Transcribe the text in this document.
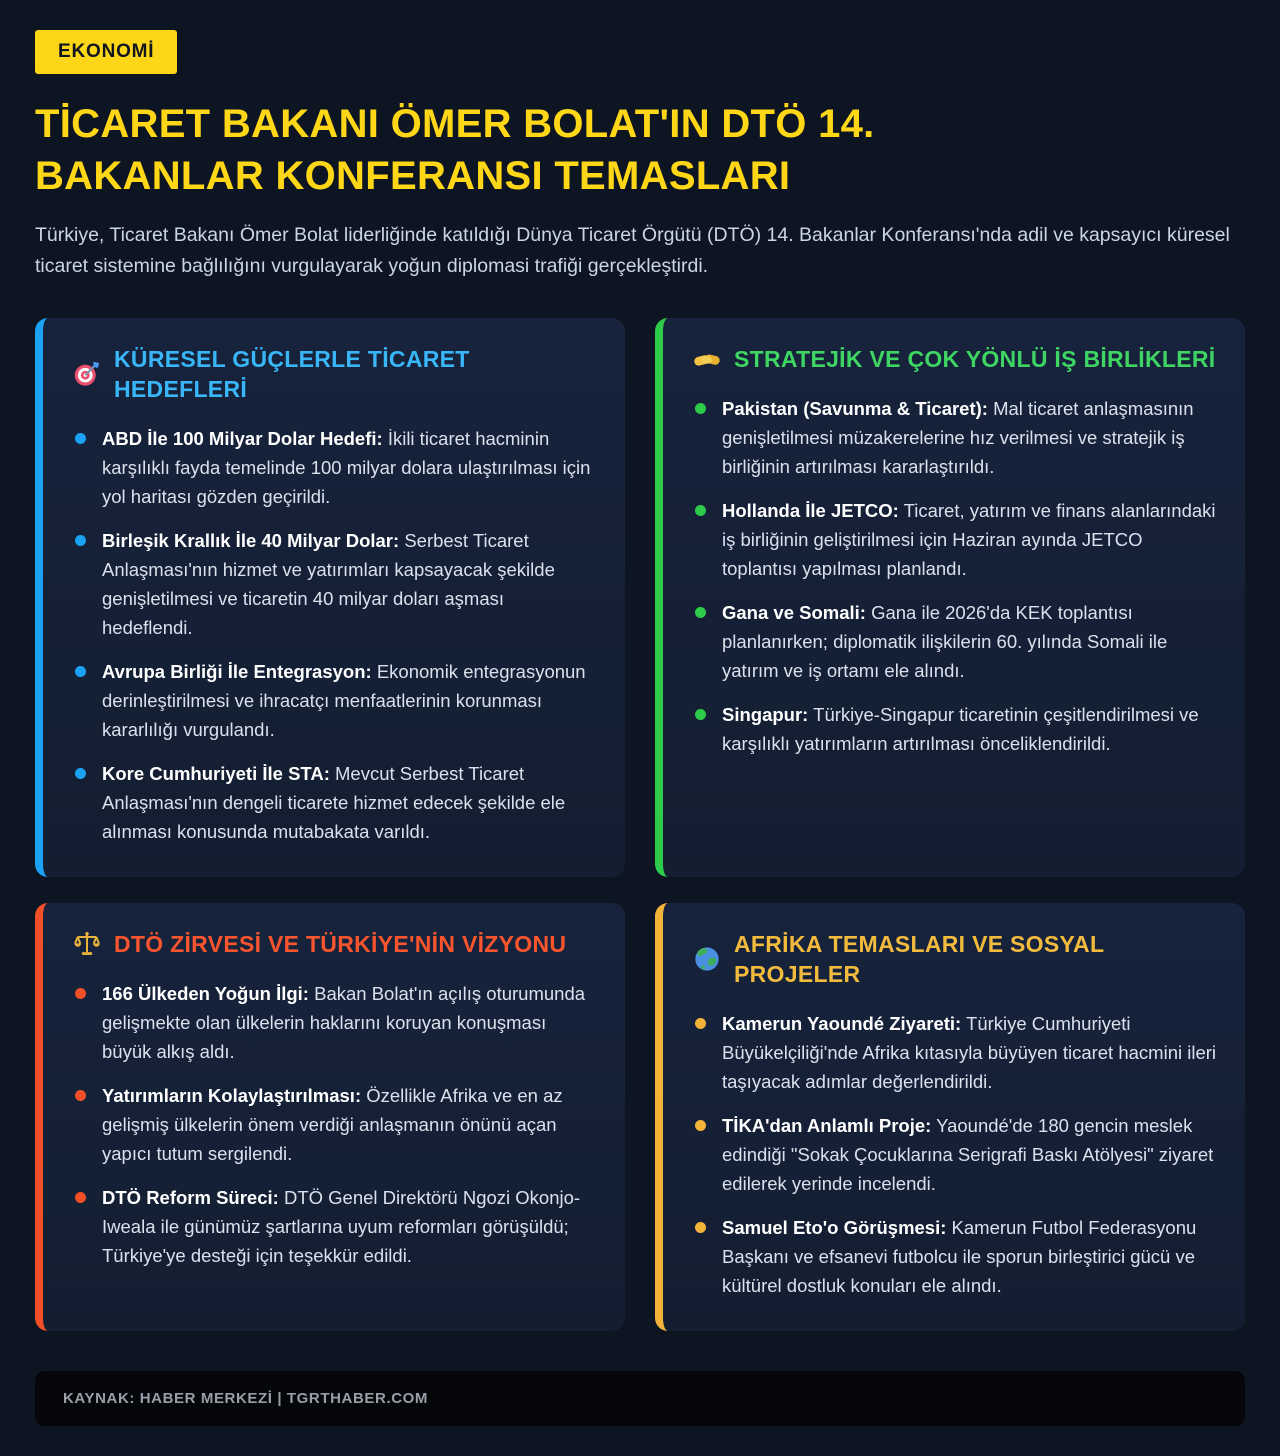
EKONOMİ
TİCARET BAKANI ÖMER BOLAT'IN DTÖ 14. BAKANLAR KONFERANSI TEMASLARI

Türkiye, Ticaret Bakanı Ömer Bolat liderliğinde katıldığı Dünya Ticaret Örgütü (DTÖ) 14. Bakanlar Konferansı'nda adil ve kapsayıcı küresel ticaret sistemine bağlılığını vurgulayarak yoğun diplomasi trafiği gerçekleştirdi.

KÜRESEL GÜÇLERLE TİCARET HEDEFLERİ

ABD İle 100 Milyar Dolar Hedefi: İkili ticaret hacminin karşılıklı fayda temelinde 100 milyar dolara ulaştırılması için yol haritası gözden geçirildi.

Birleşik Krallık İle 40 Milyar Dolar: Serbest Ticaret Anlaşması'nın hizmet ve yatırımları kapsayacak şekilde genişletilmesi ve ticaretin 40 milyar doları aşması hedeflendi.

Avrupa Birliği İle Entegrasyon: Ekonomik entegrasyonun derinleştirilmesi ve ihracatçı menfaatlerinin korunması kararlılığı vurgulandı.

Kore Cumhuriyeti İle STA: Mevcut Serbest Ticaret Anlaşması'nın dengeli ticarete hizmet edecek şekilde ele alınması konusunda mutabakata varıldı.

STRATEJİK VE ÇOK YÖNLÜ İŞ BİRLİKLERİ

Pakistan (Savunma & Ticaret): Mal ticaret anlaşmasının genişletilmesi müzakerelerine hız verilmesi ve stratejik iş birliğinin artırılması kararlaştırıldı.

Hollanda İle JETCO: Ticaret, yatırım ve finans alanlarındaki iş birliğinin geliştirilmesi için Haziran ayında JETCO toplantısı yapılması planlandı.

Gana ve Somali: Gana ile 2026'da KEK toplantısı planlanırken; diplomatik ilişkilerin 60. yılında Somali ile yatırım ve iş ortamı ele alındı.

Singapur: Türkiye-Singapur ticaretinin çeşitlendirilmesi ve karşılıklı yatırımların artırılması önceliklendirildi.

DTÖ ZİRVESİ VE TÜRKİYE'NİN VİZYONU

166 Ülkeden Yoğun İlgi: Bakan Bolat'ın açılış oturumunda gelişmekte olan ülkelerin haklarını koruyan konuşması büyük alkış aldı.

Yatırımların Kolaylaştırılması: Özellikle Afrika ve en az gelişmiş ülkelerin önem verdiği anlaşmanın önünü açan yapıcı tutum sergilendi.

DTÖ Reform Süreci: DTÖ Genel Direktörü Ngozi Okonjo-Iweala ile günümüz şartlarına uyum reformları görüşüldü; Türkiye'ye desteği için teşekkür edildi.

AFRİKA TEMASLARI VE SOSYAL PROJELER

Kamerun Yaoundé Ziyareti: Türkiye Cumhuriyeti Büyükelçiliği'nde Afrika kıtasıyla büyüyen ticaret hacmini ileri taşıyacak adımlar değerlendirildi.

TİKA'dan Anlamlı Proje: Yaoundé'de 180 gencin meslek edindiği "Sokak Çocuklarına Serigrafi Baskı Atölyesi" ziyaret edilerek yerinde incelendi.

Samuel Eto'o Görüşmesi: Kamerun Futbol Federasyonu Başkanı ve efsanevi futbolcu ile sporun birleştirici gücü ve kültürel dostluk konuları ele alındı.

KAYNAK: HABER MERKEZİ | TGRTHABER.COM
